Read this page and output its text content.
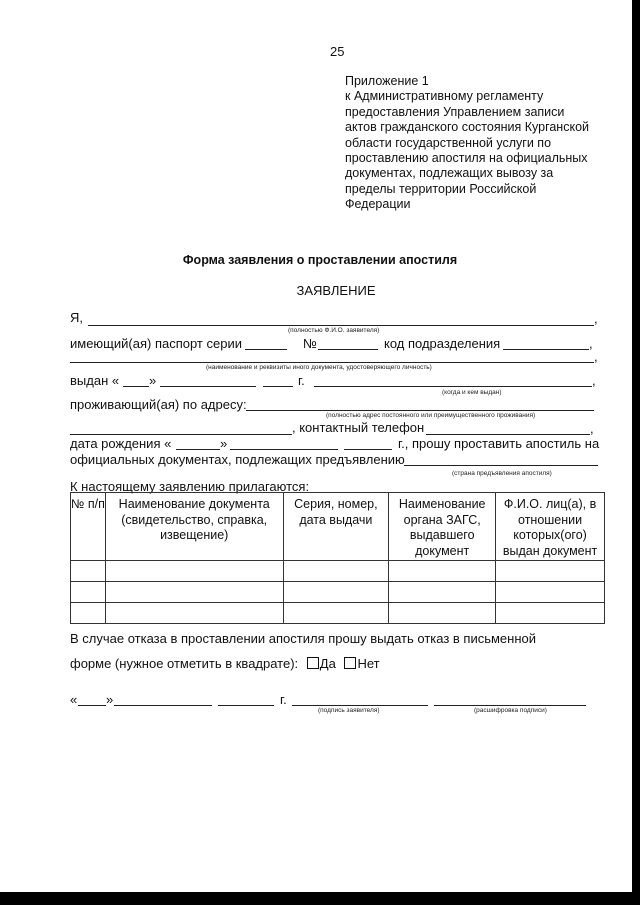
25
Приложение 1
к Административному регламенту
предоставления Управлением записи
актов гражданского состояния Курганской
области государственной услуги по
проставлению апостиля на официальных
документах, подлежащих вывозу за
пределы территории Российской
Федерации
Форма заявления о проставлении апостиля
ЗАЯВЛЕНИЕ
Я,	,
(полностью Ф.И.О. заявителя)
имеющий(ая) паспорт серии	№	код подразделения	,
,
(наименование и реквизиты иного документа, удостоверяющего личность)
выдан « »	г.	,
(когда и кем выдан)
проживающий(ая) по адресу:
(полностью адрес постоянного или преимущественного проживания)
, контактный телефон	,
дата рождения «	»	г., прошу проставить апостиль на
официальных документах, подлежащих предъявлению
(страна предъявления апостиля)
К настоящему заявлению прилагаются:
№ п/п	Наименование документа (свидетельство, справка, извещение)	Серия, номер, дата выдачи	Наименование органа ЗАГС, выдавшего документ	Ф.И.О. лиц(а), в отношении которых(ого) выдан документ

В случае отказа в проставлении апостиля прошу выдать отказ в письменной
форме (нужное отметить в квадрате): Да Нет
« »	г.
(подпись заявителя)	(расшифровка подписи)
